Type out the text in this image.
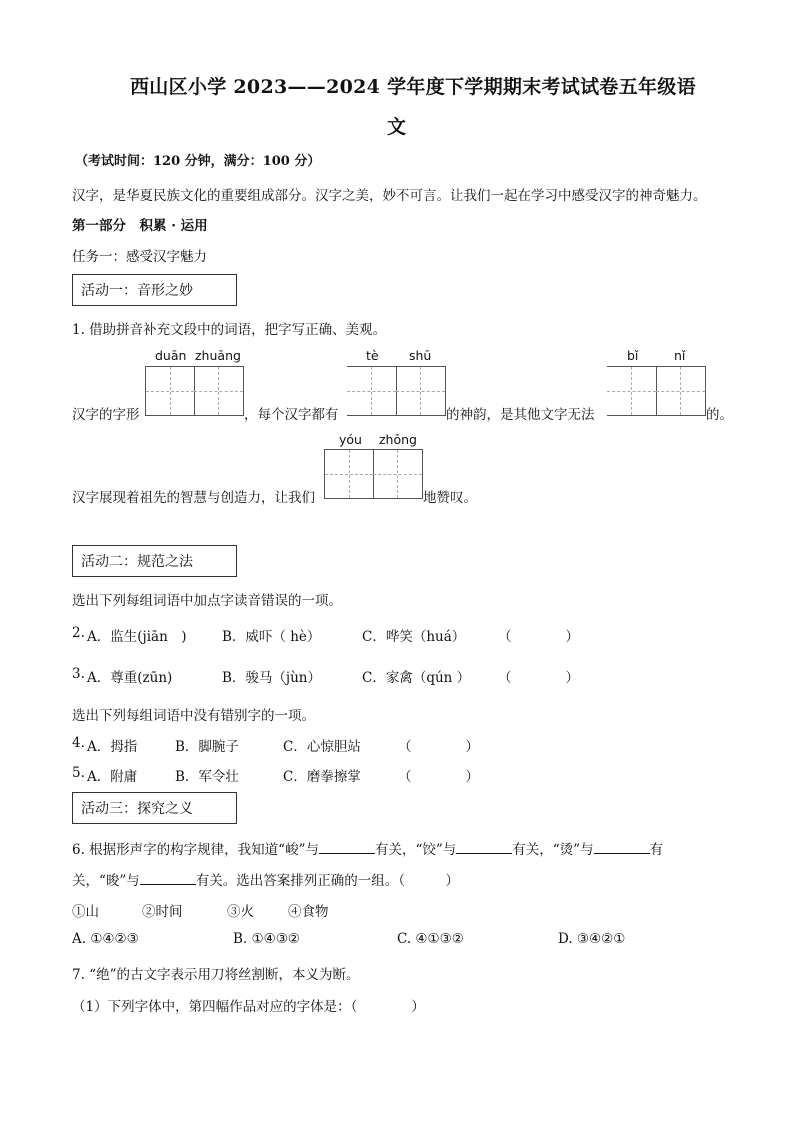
西山区小学 2023——2024 学年度下学期期末考试试卷五年级语
文
（考试时间：120 分钟，满分：100 分）
汉字，是华夏民族文化的重要组成部分。汉字之美，妙不可言。让我们一起在学习中感受汉字的神奇魅力。
第一部分　积累 · 运用
任务一：感受汉字魅力
活动一：音形之妙
1. 借助拼音补充文段中的词语，把字写正确、美观。
duān zhuāng	tè shū	bǐ	nǐ
汉字的字形	，每个汉字都有	的神韵，是其他文字无法	的。
yóu zhōng
汉字展现着祖先的智慧与创造力，让我们	地赞叹。
活动二：规范之法
选出下列每组词语中加点字读音错误的一项。
2. A．监生(jiān　)	B．威吓（ hè）	C．哗笑（huá） （　　　　）
3. A．尊重(zūn)	B．骏马（jùn）	C．家禽（qún ） （　　　　）
选出下列每组词语中没有错别字的一项。
4. A．拇指	B．脚腕子	C．心惊胆站	（　　　　）
5. A．附庸	B．军令壮	C．磨拳擦掌	（　　　　）
活动三：探究之义
6. 根据形声字的构字规律，我知道“峻”与	有关，“饺”与	有关，“烫”与	有
关，“晙”与	有关。选出答案排列正确的一组。（　　　）
①山	②时间	③火	④食物
A. ①④②③	B. ①④③②	C. ④①③②	D. ③④②①
7. “绝”的古文字表示用刀将丝割断，本义为断。
（1）下列字体中，第四幅作品对应的字体是：（　　　　）
